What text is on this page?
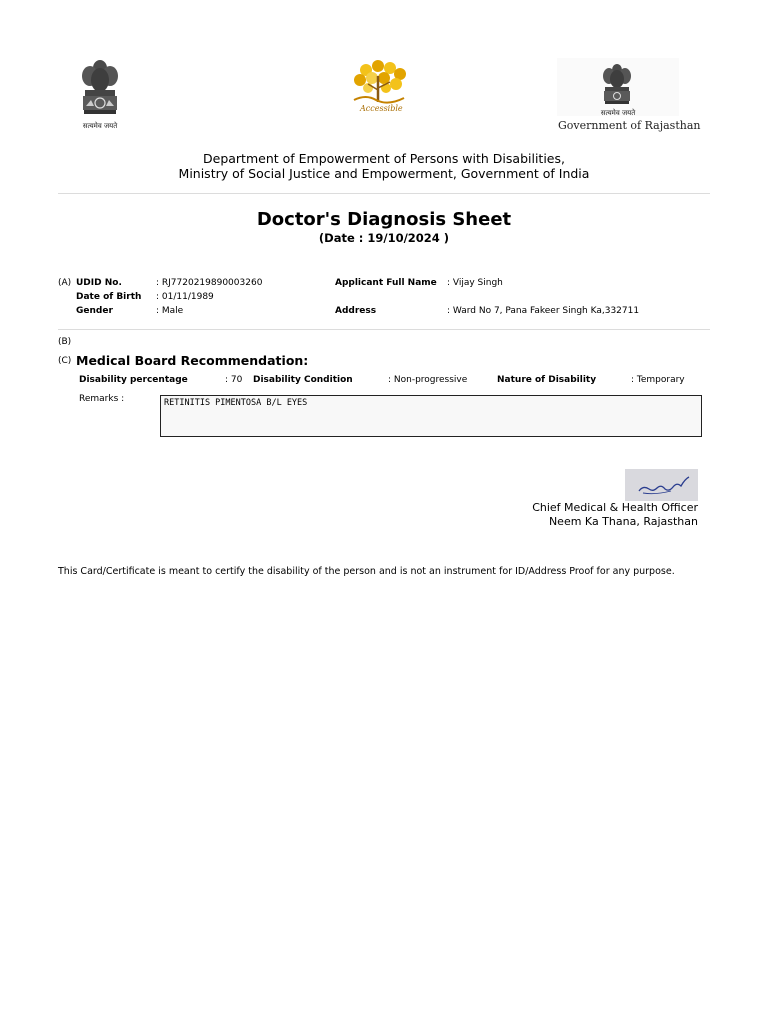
सत्यमेव जयते
Accessible	सत्यमेव जयते
Government of Rajasthan
Department of Empowerment of Persons with Disabilities,
Ministry of Social Justice and Empowerment, Government of India
Doctor's Diagnosis Sheet
(Date : 19/10/2024 )
(A) UDID No.	: RJ7720219890003260
Date of Birth : 01/11/1989
Gender	: Male
Applicant Full Name : Vijay Singh
Address	: Ward No 7, Pana Fakeer Singh Ka,332711
(B)
(C) Medical Board Recommendation:
Disability percentage	: 70 Disability Condition	: Non-progressive	Nature of Disability	: Temporary
Remarks :	RETINITIS PIMENTOSA B/L EYES
Chief Medical & Health Officer
Neem Ka Thana, Rajasthan
This Card/Certificate is meant to certify the disability of the person and is not an instrument for ID/Address Proof for any purpose.
